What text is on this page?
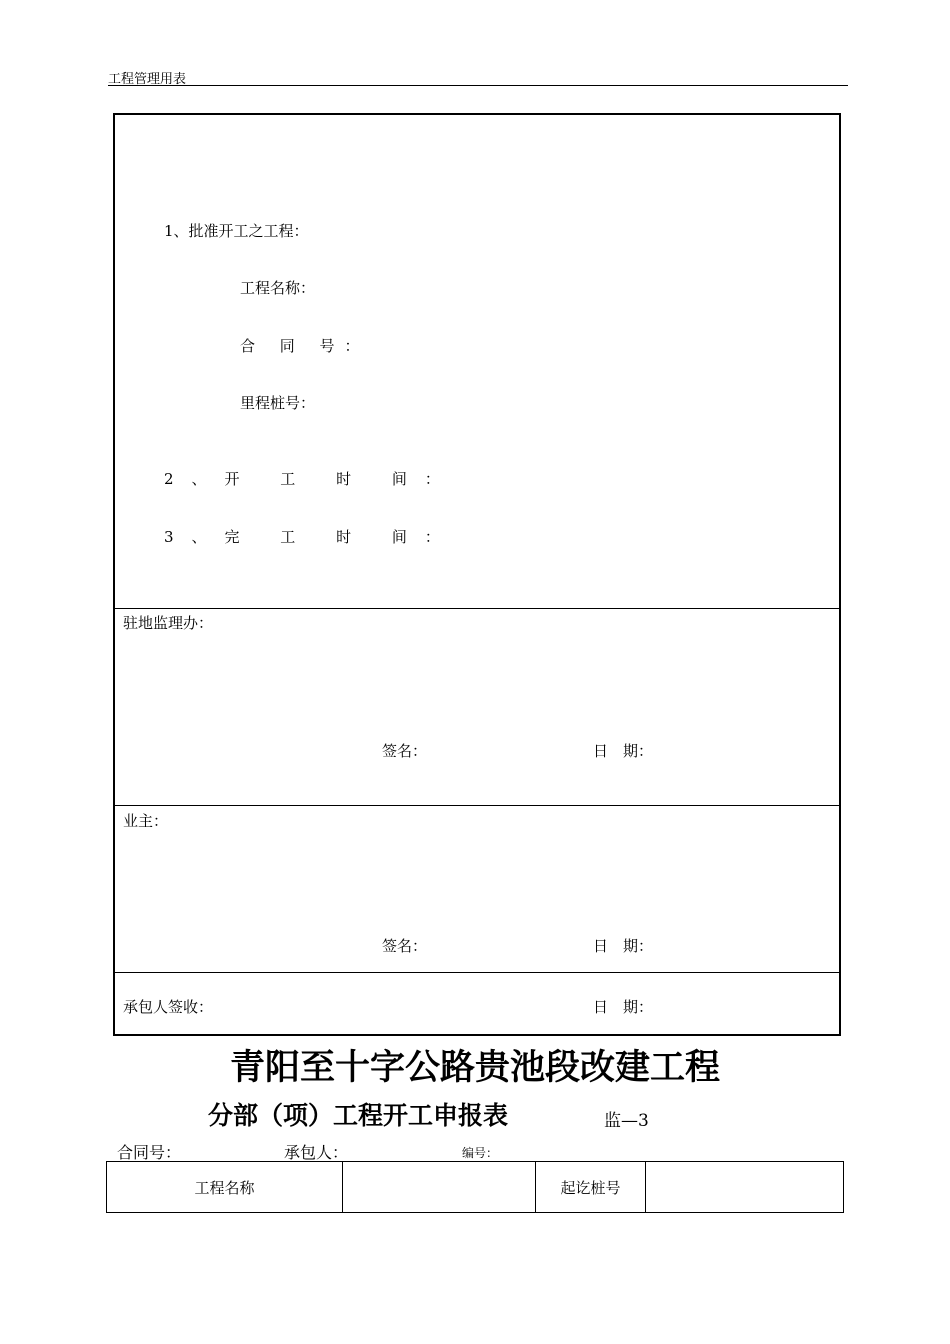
工程管理用表
1、批准开工之工程：
工程名称：
合 同 号：
里程桩号：
2、开 工 时 间：
3、完 工 时 间：
驻地监理办：
签名：	日　期：
业主：
签名：	日　期：
承包人签收：	日　期：
青阳至十字公路贵池段改建工程
分部（项）工程开工申报表	监—3
合同号：	承包人：	编号：
工程名称		起讫桩号	
